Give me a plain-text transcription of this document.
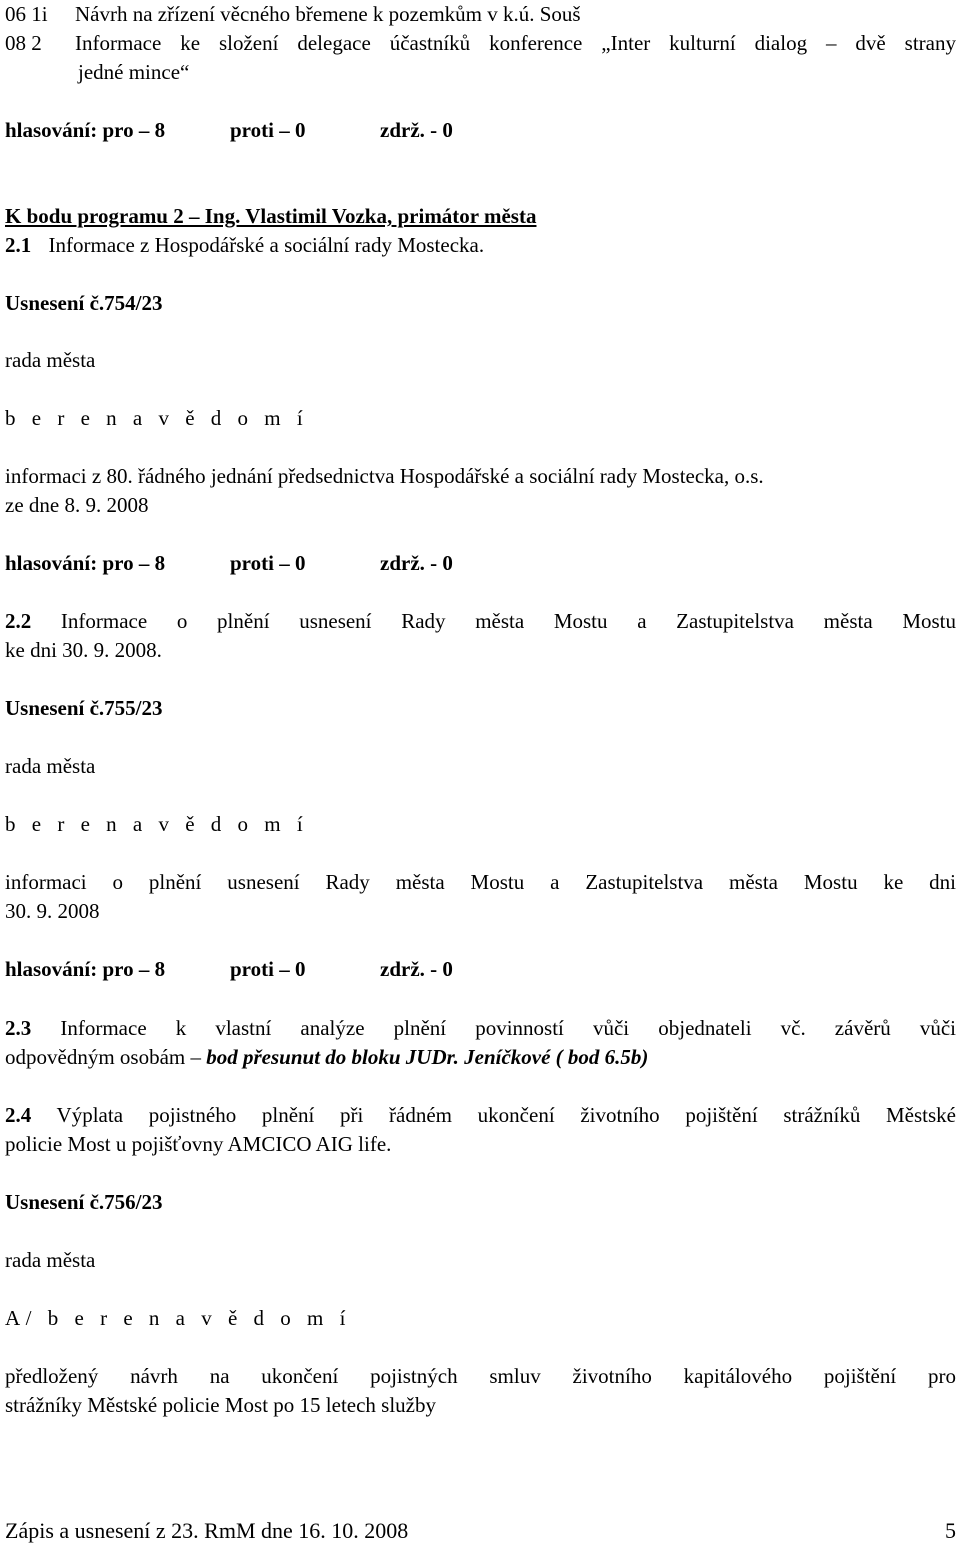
06 1i	Návrh na zřízení věcného břemene k pozemkům v k.ú. Souš
08 2	Informace ke složení delegace účastníků konference „Inter kulturní dialog – dvě strany
jedné mince“
hlasování: pro – 8	proti – 0	zdrž. - 0
K bodu programu 2 – Ing. Vlastimil Vozka, primátor města
2.1 Informace z Hospodářské a sociální rady Mostecka.
Usnesení č.754/23
rada města
b e r e n a v ě d o m í
informaci z 80. řádného jednání předsednictva Hospodářské a sociální rady Mostecka, o.s.
ze dne 8. 9. 2008
hlasování: pro – 8	proti – 0	zdrž. - 0
2.2 Informace o plnění usnesení Rady města Mostu a Zastupitelstva města Mostu
ke dni 30. 9. 2008.
Usnesení č.755/23
rada města
b e r e n a v ě d o m í
informaci o plnění usnesení Rady města Mostu a Zastupitelstva města Mostu ke dni
30. 9. 2008
hlasování: pro – 8	proti – 0	zdrž. - 0
2.3 Informace k vlastní analýze plnění povinností vůči objednateli vč. závěrů vůči
odpovědným osobám – bod přesunut do bloku JUDr. Jeníčkové ( bod 6.5b)
2.4 Výplata pojistného plnění při řádném ukončení životního pojištění strážníků Městské
policie Most u pojišťovny AMCICO AIG life.
Usnesení č.756/23
rada města
A/ b e r e n a v ě d o m í
předložený návrh na ukončení pojistných smluv životního kapitálového pojištění pro
strážníky Městské policie Most po 15 letech služby
Zápis a usnesení z 23. RmM dne 16. 10. 2008	5
